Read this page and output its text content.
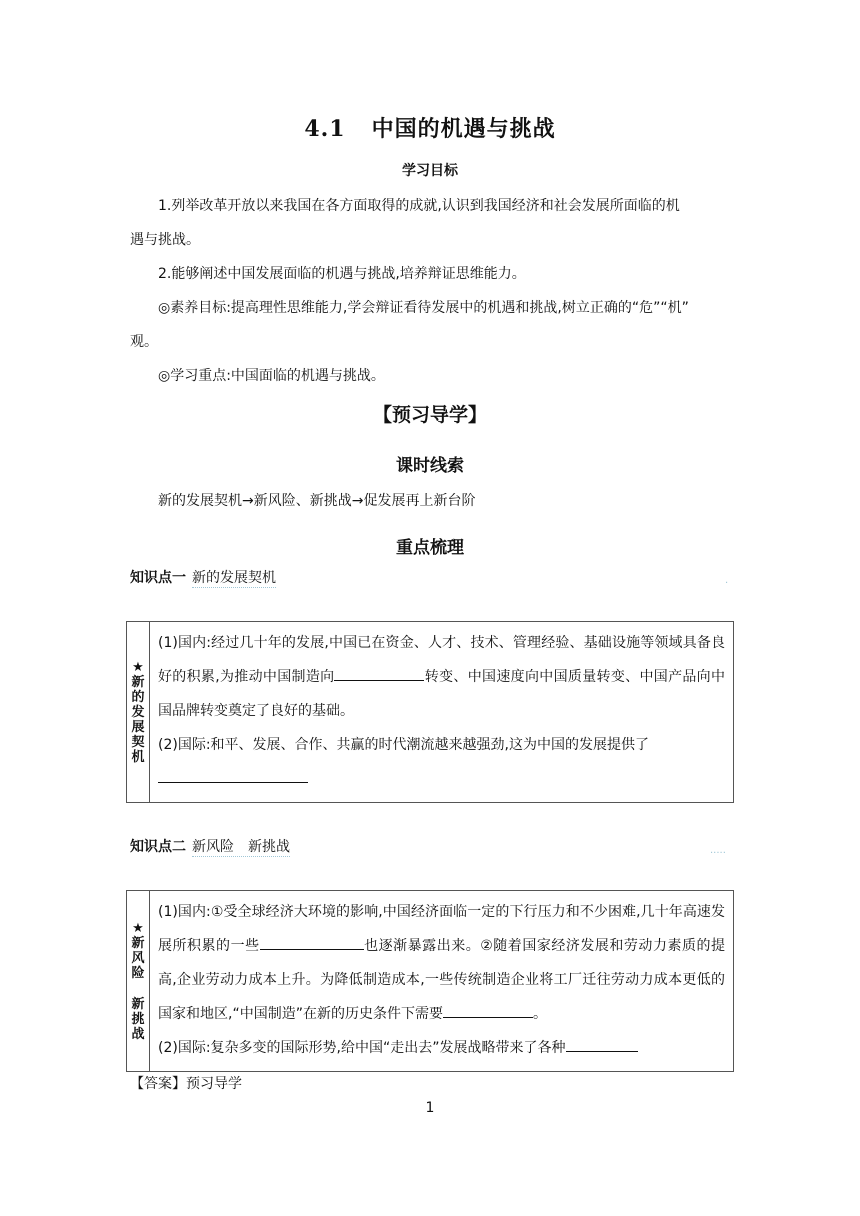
4.1 中国的机遇与挑战
学习目标
1.列举改革开放以来我国在各方面取得的成就,认识到我国经济和社会发展所面临的机
遇与挑战。
2.能够阐述中国发展面临的机遇与挑战,培养辩证思维能力。
◎素养目标:提高理性思维能力,学会辩证看待发展中的机遇和挑战,树立正确的“危”“机”
观。
◎学习重点:中国面临的机遇与挑战。
【预习导学】
课时线索
新的发展契机→新风险、新挑战→促发展再上新台阶
重点梳理
知识点一 新的发展契机	.
★
新
的
发
展
契
机	(1)国内:经过几十年的发展,中国已在资金、人才、技术、管理经验、基础设施等领域具备良好的积累,为推动中国制造向	转变、中国速度向中国质量转变、中国产品向中国品牌转变奠定了良好的基础。
(2)国际:和平、发展、合作、共赢的时代潮流越来越强劲,这为中国的发展提供了

知识点二 新风险　新挑战	.....
★
新
风
险

新
挑
战	(1)国内:①受全球经济大环境的影响,中国经济面临一定的下行压力和不少困难,几十年高速发展所积累的一些	也逐渐暴露出来。②随着国家经济发展和劳动力素质的提高,企业劳动力成本上升。为降低制造成本,一些传统制造企业将工厂迁往劳动力成本更低的国家和地区,“中国制造”在新的历史条件下需要	。
(2)国际:复杂多变的国际形势,给中国“走出去”发展战略带来了各种
【答案】预习导学
1
